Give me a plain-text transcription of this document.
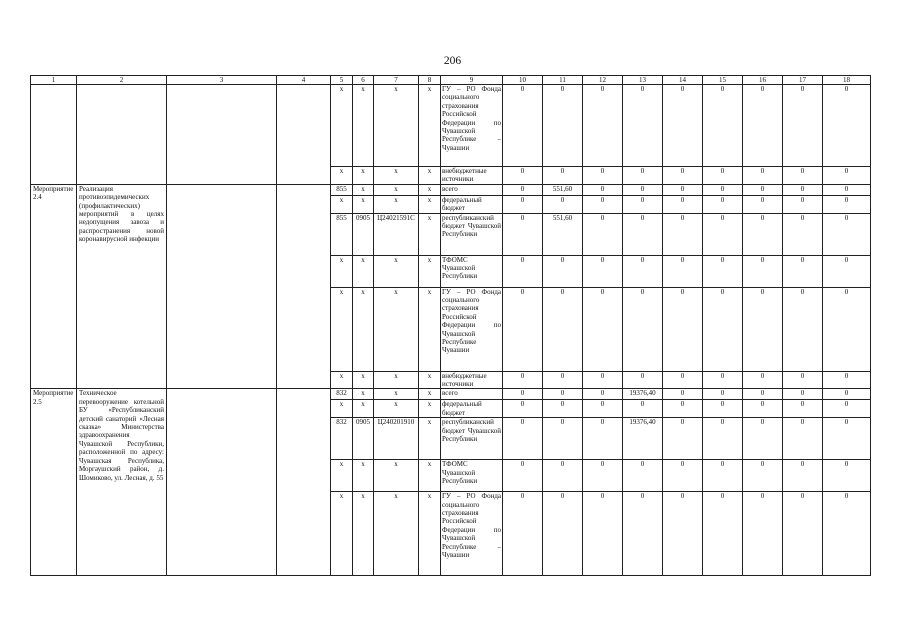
206
1	2	3	4	5	6	7	8	9	10	11	12	13	14	15	16	17	18
				x	x	x	x	ГУ – РО Фонда социального страхования Российской Федерации по Чувашской Республике – Чувашии	0	0	0	0	0	0	0	0	0
				x	x	x	x	внебюджетные источники	0	0	0	0	0	0	0	0	0
Мероприятие 2.4	Реализация противоэпидемических (профилактических) мероприятий в целях недопущения завоза и распространения новой коронавирусной инфекции			855	x	x	x	всего	0	551,60	0	0	0	0	0	0	0
				x	x	x	x	федеральный бюджет	0	0	0	0	0	0	0	0	0
				855	0905	Ц24021591С	x	республиканский бюджет Чувашской Республики	0	551,60	0	0	0	0	0	0	0
				x	x	x	x	ТФОМС Чувашской Республики	0	0	0	0	0	0	0	0	0
				x	x	x	x	ГУ – РО Фонда социального страхования Российской Федерации по Чувашской Республике Чувашии	0	0	0	0	0	0	0	0	0
				x	x	x	x	внебюджетные источники	0	0	0	0	0	0	0	0	0
Мероприятие 2.5	Техническое перевооружение котельной БУ «Республиканский детский санаторий «Лесная сказка» Министерства здравоохранения Чувашской Республики, расположенной по адресу: Чувашская Республика, Моргаушский район, д. Шомиково, ул. Лесная, д. 55			832	x	x	x	всего	0	0	0	19376,40	0	0	0	0	0
				x	x	x	x	федеральный бюджет	0	0	0	0	0	0	0	0	0
				832	0905	Ц240201910	x	республиканский бюджет Чувашской Республики	0	0	0	19376,40	0	0	0	0	0
				x	x	x	x	ТФОМС Чувашской Республики	0	0	0	0	0	0	0	0	0
				x	x	x	x	ГУ – РО Фонда социального страхования Российской Федерации по Чувашской Республике – Чувашии	0	0	0	0	0	0	0	0	0
